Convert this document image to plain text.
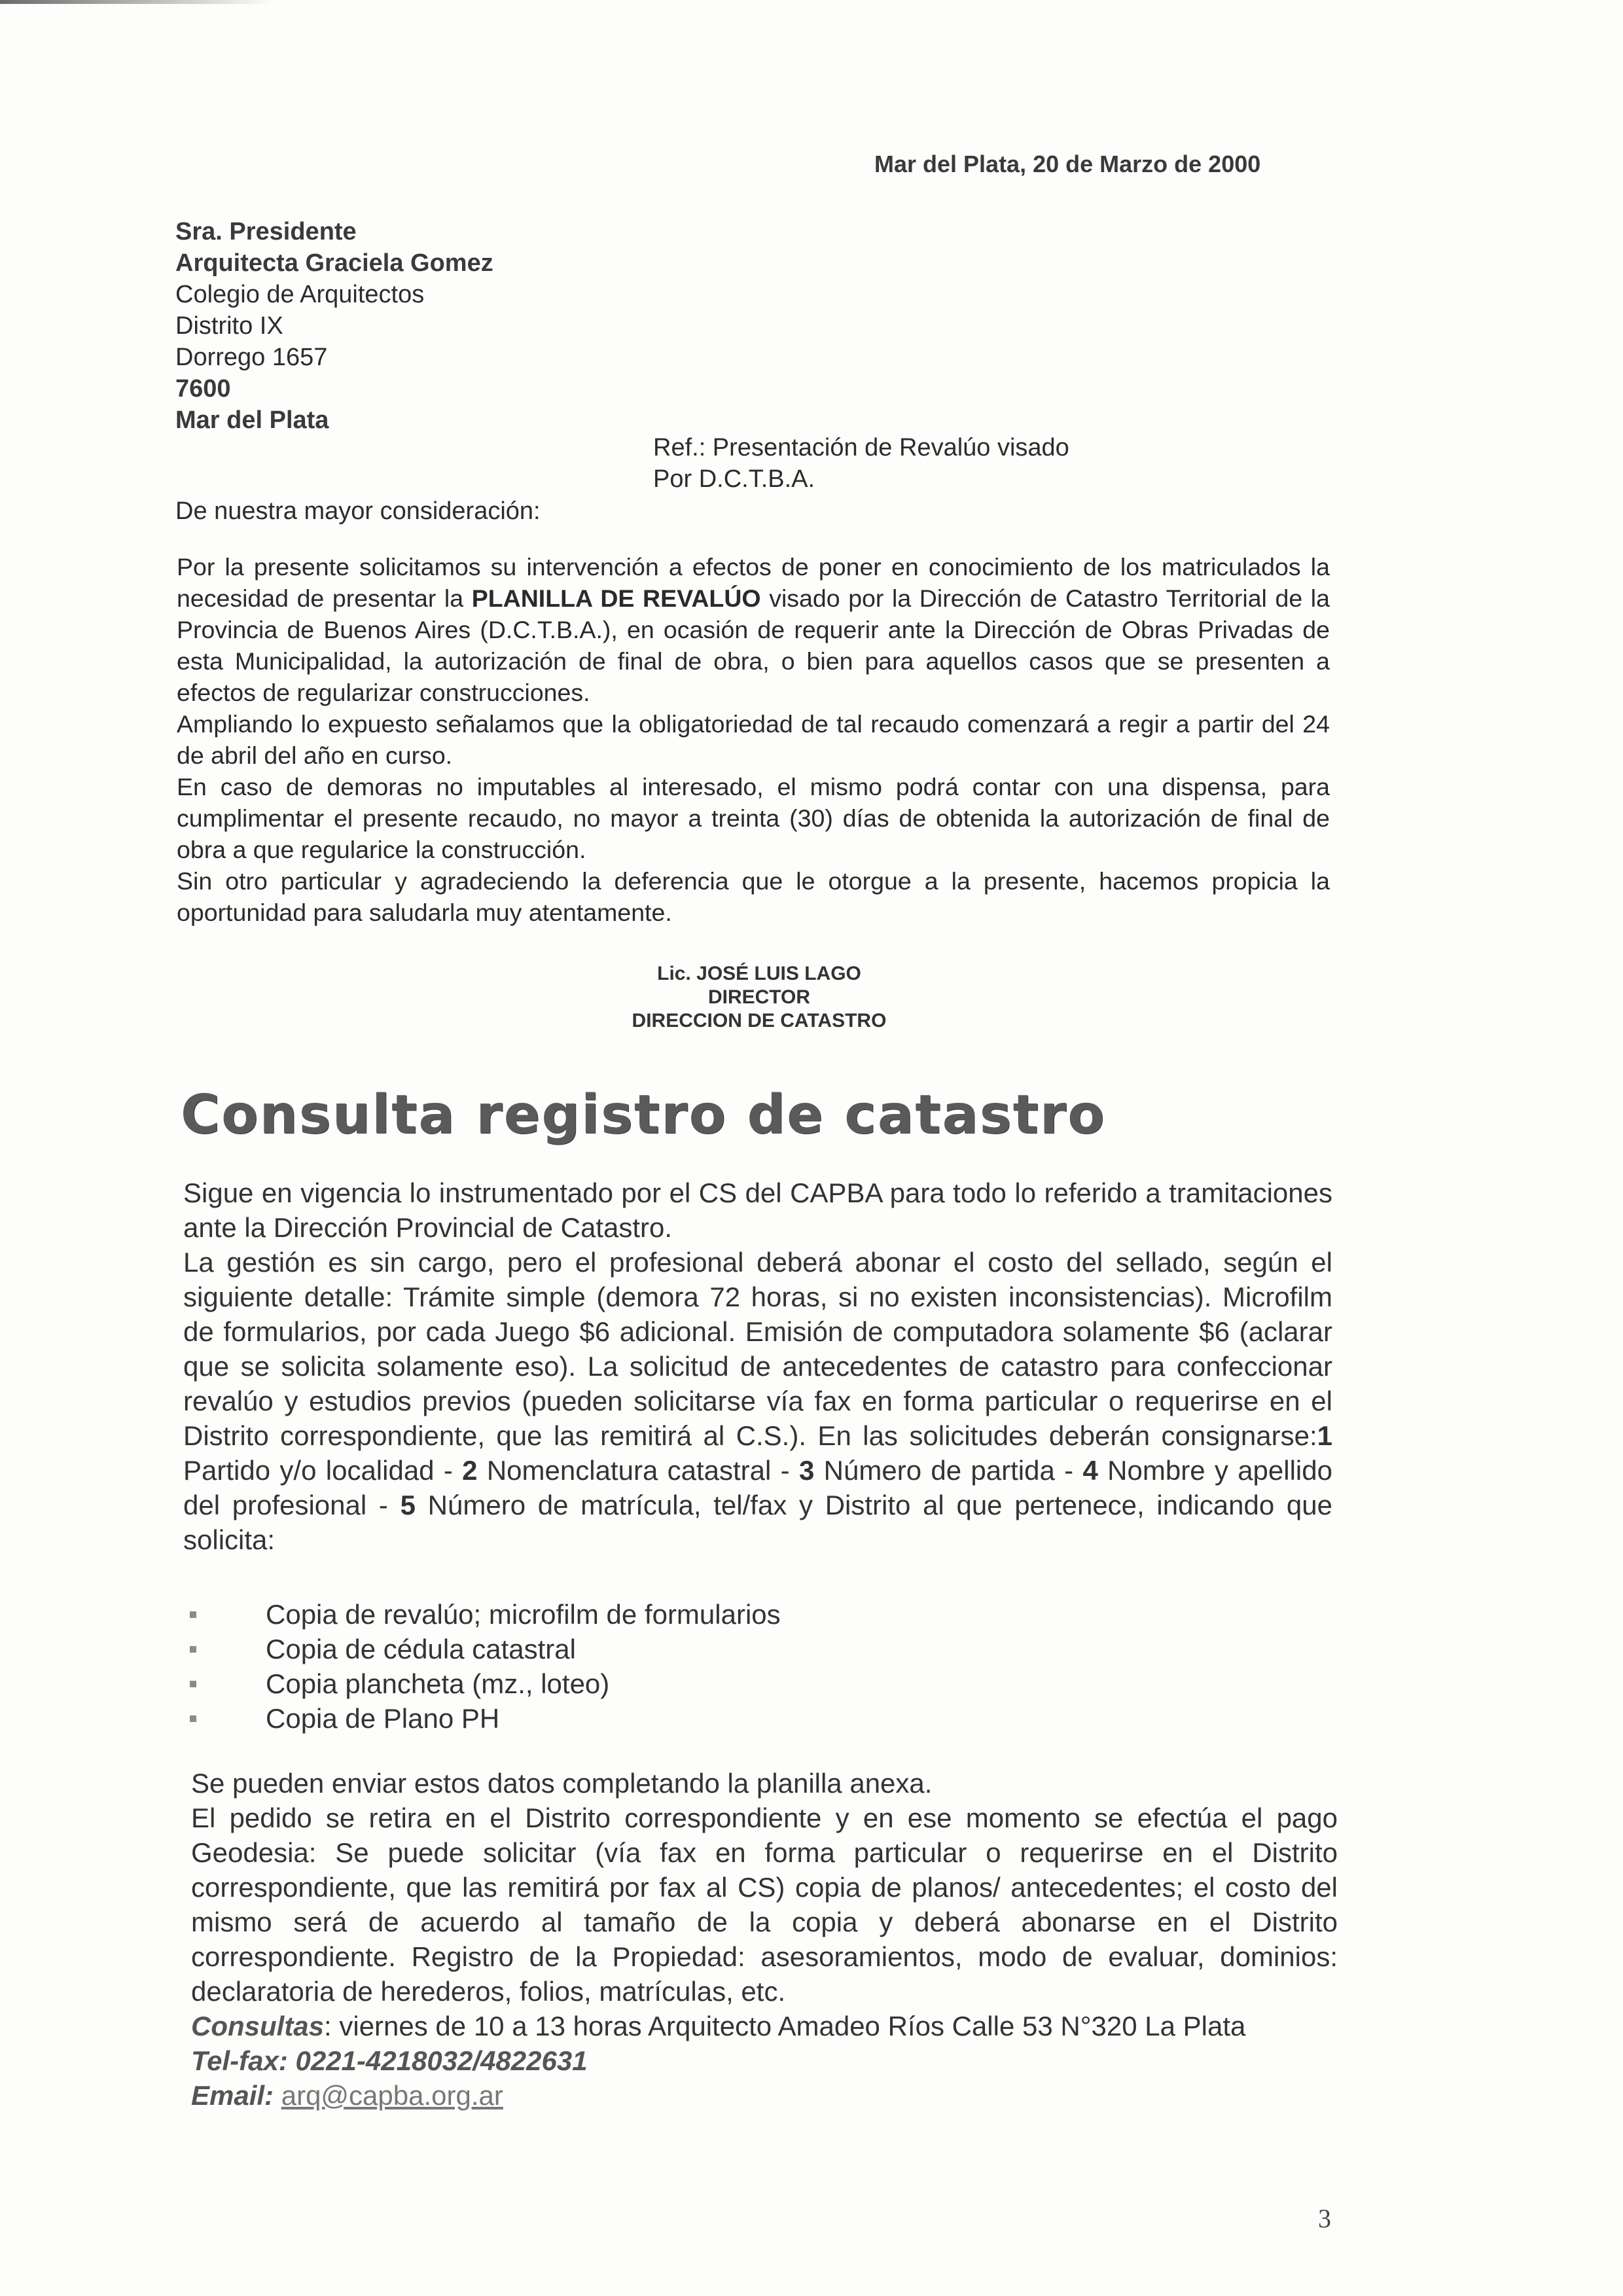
Mar del Plata, 20 de Marzo de 2000
Sra. Presidente
Arquitecta Graciela Gomez
Colegio de Arquitectos
Distrito IX
Dorrego 1657
7600
Mar del Plata
Ref.: Presentación de Revalúo visado
Por D.C.T.B.A.
De nuestra mayor consideración:

Por la presente solicitamos su intervención a efectos de poner en conocimiento de los matriculados la necesidad de presentar la PLANILLA DE REVALÚO visado por la Dirección de Catastro Territorial de la Provincia de Buenos Aires (D.C.T.B.A.), en ocasión de requerir ante la Dirección de Obras Privadas de esta Municipalidad, la autorización de final de obra, o bien para aquellos casos que se presenten a efectos de regularizar construcciones.

Ampliando lo expuesto señalamos que la obligatoriedad de tal recaudo comenzará a regir a partir del 24 de abril del año en curso.

En caso de demoras no imputables al interesado, el mismo podrá contar con una dispensa, para cumplimentar el presente recaudo, no mayor a treinta (30) días de obtenida la autorización de final de obra a que regularice la construcción.

Sin otro particular y agradeciendo la deferencia que le otorgue a la presente, hacemos propicia la oportunidad para saludarla muy atentamente.

Lic. JOSÉ LUIS LAGO
DIRECTOR
DIRECCION DE CATASTRO
Consulta registro de catastro

Sigue en vigencia lo instrumentado por el CS del CAPBA para todo lo referido a tramitaciones ante la Dirección Provincial de Catastro.

La gestión es sin cargo, pero el profesional deberá abonar el costo del sellado, según el siguiente detalle: Trámite simple (demora 72 horas, si no existen inconsistencias). Microfilm de formularios, por cada Juego $6 adicional. Emisión de computadora solamente $6 (aclarar que se solicita solamente eso). La solicitud de antecedentes de catastro para confeccionar revalúo y estudios previos (pueden solicitarse vía fax en forma particular o requerirse en el Distrito correspondiente, que las remitirá al C.S.). En las solicitudes deberán consignarse:1 Partido y/o localidad - 2 Nomenclatura catastral - 3 Número de partida - 4 Nombre y apellido del profesional - 5 Número de matrícula, tel/fax y Distrito al que pertenece, indicando que solicita:

Copia de revalúo; microfilm de formularios
Copia de cédula catastral
Copia plancheta (mz., loteo)
Copia de Plano PH

Se pueden enviar estos datos completando la planilla anexa.

El pedido se retira en el Distrito correspondiente y en ese momento se efectúa el pago Geodesia: Se puede solicitar (vía fax en forma particular o requerirse en el Distrito correspondiente, que las remitirá por fax al CS) copia de planos/ antecedentes; el costo del mismo será de acuerdo al tamaño de la copia y deberá abonarse en el Distrito correspondiente. Registro de la Propiedad: asesoramientos, modo de evaluar, dominios: declaratoria de herederos, folios, matrículas, etc.

Consultas: viernes de 10 a 13 horas Arquitecto Amadeo Ríos Calle 53 N°320 La Plata

Tel-fax: 0221-4218032/4822631

Email: arq@capba.org.ar

3
